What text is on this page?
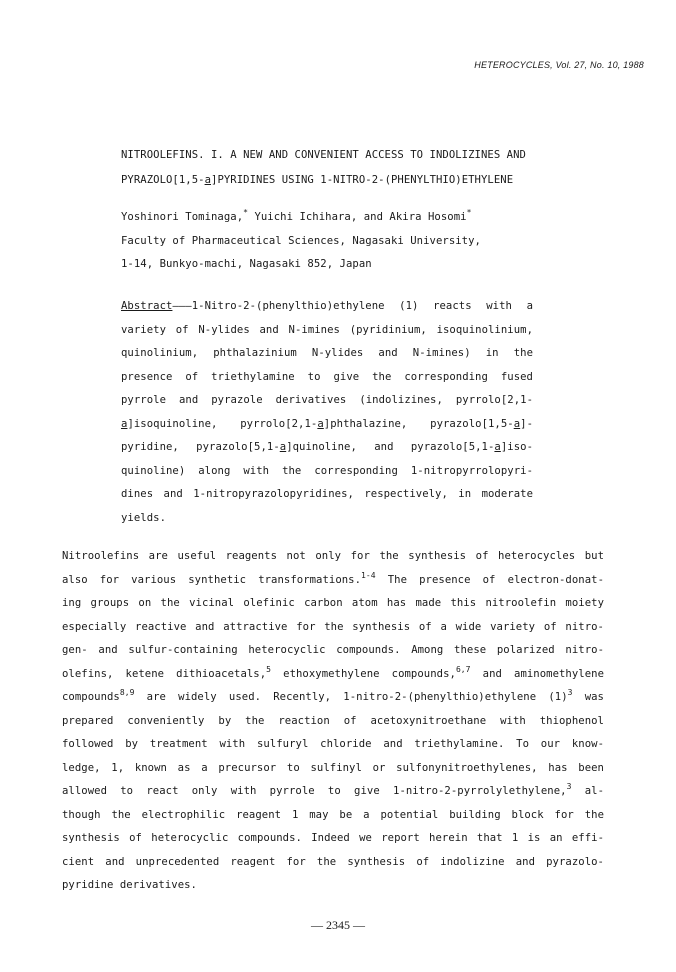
HETEROCYCLES, Vol. 27, No. 10, 1988
NITROOLEFINS. I. A NEW AND CONVENIENT ACCESS TO INDOLIZINES AND
PYRAZOLO[1,5-a]PYRIDINES USING 1-NITRO-2-(PHENYLTHIO)ETHYLENE
Yoshinori Tominaga,* Yuichi Ichihara, and Akira Hosomi*
Faculty of Pharmaceutical Sciences, Nagasaki University,
1-14, Bunkyo-machi, Nagasaki 852, Japan
Abstract———1-Nitro-2-(phenylthio)ethylene (1) reacts with a
variety of N-ylides and N-imines (pyridinium, isoquinolinium,
quinolinium, phthalazinium N-ylides and N-imines) in the
presence of triethylamine to give the corresponding fused
pyrrole and pyrazole derivatives (indolizines, pyrrolo[2,1-
a]isoquinoline, pyrrolo[2,1-a]phthalazine, pyrazolo[1,5-a]-
pyridine, pyrazolo[5,1-a]quinoline, and pyrazolo[5,1-a]iso-
quinoline) along with the corresponding 1-nitropyrrolopyri-
dines and 1-nitropyrazolopyridines, respectively, in moderate
yields.
Nitroolefins are useful reagents not only for the synthesis of heterocycles but
also for various synthetic transformations.$^{1-4}$ The presence of electron-donat-
ing groups on the vicinal olefinic carbon atom has made this nitroolefin moiety
especially reactive and attractive for the synthesis of a wide variety of nitro-
gen- and sulfur-containing heterocyclic compounds. Among these polarized nitro-
olefins, ketene dithioacetals,$^5$ ethoxymethylene compounds,$^{6,7}$ and aminomethylene
compounds$^{8,9}$ are widely used. Recently, 1-nitro-2-(phenylthio)ethylene $(1)^3$ was
prepared conveniently by the reaction of acetoxynitroethane with thiophenol
followed by treatment with sulfuryl chloride and triethylamine. To our know-
ledge, 1, known as a precursor to sulfinyl or sulfonynitroethylenes, has been
allowed to react only with pyrrole to give 1-nitro-2-pyrrolylethylene,$^3$ al-
though the electrophilic reagent 1 may be a potential building block for the
synthesis of heterocyclic compounds. Indeed we report herein that 1 is an effi-
cient and unprecedented reagent for the synthesis of indolizine and pyrazolo-
pyridine derivatives.
— 2345 —
